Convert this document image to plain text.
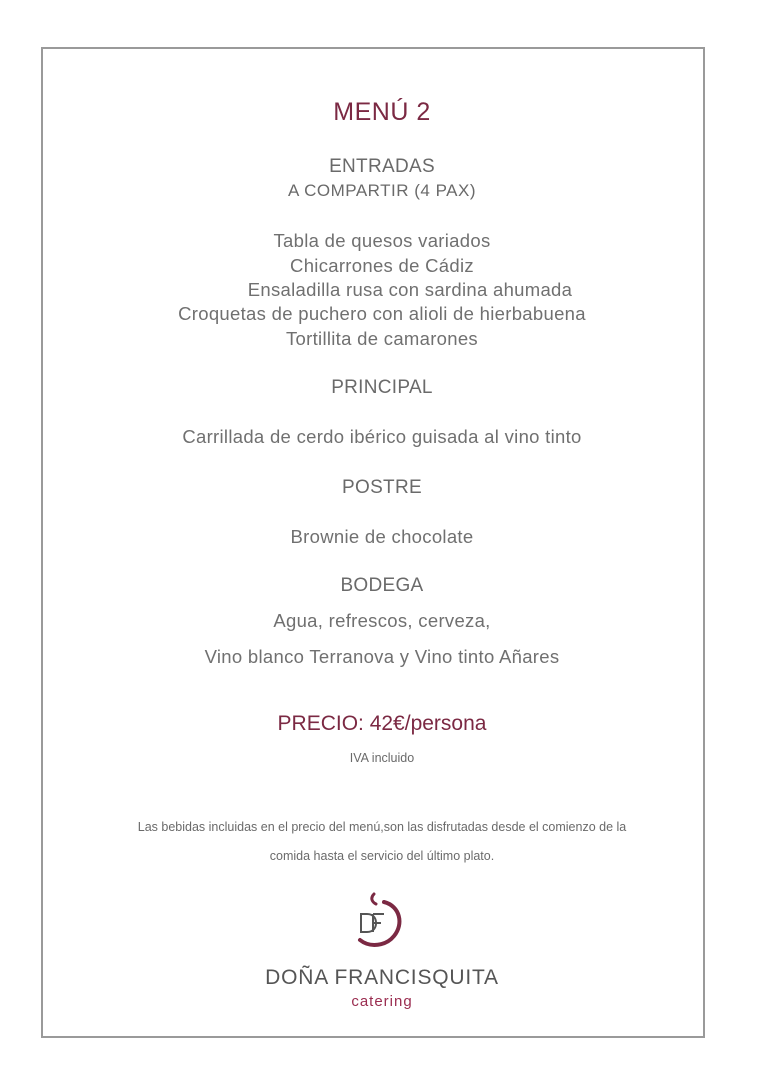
MENÚ 2
ENTRADAS
A COMPARTIR (4 PAX)
Tabla de quesos variados
Chicarrones de Cádiz
Ensaladilla rusa con sardina ahumada
Croquetas de puchero con alioli de hierbabuena
Tortillita de camarones
PRINCIPAL
Carrillada de cerdo ibérico guisada al vino tinto
POSTRE
Brownie de chocolate
BODEGA
Agua, refrescos, cerveza,
Vino blanco Terranova y Vino tinto Añares
PRECIO: 42€/persona
IVA incluido
Las bebidas incluidas en el precio del menú,son las disfrutadas desde el comienzo de la
comida hasta el servicio del último plato.
DOÑA FRANCISQUITA
catering
